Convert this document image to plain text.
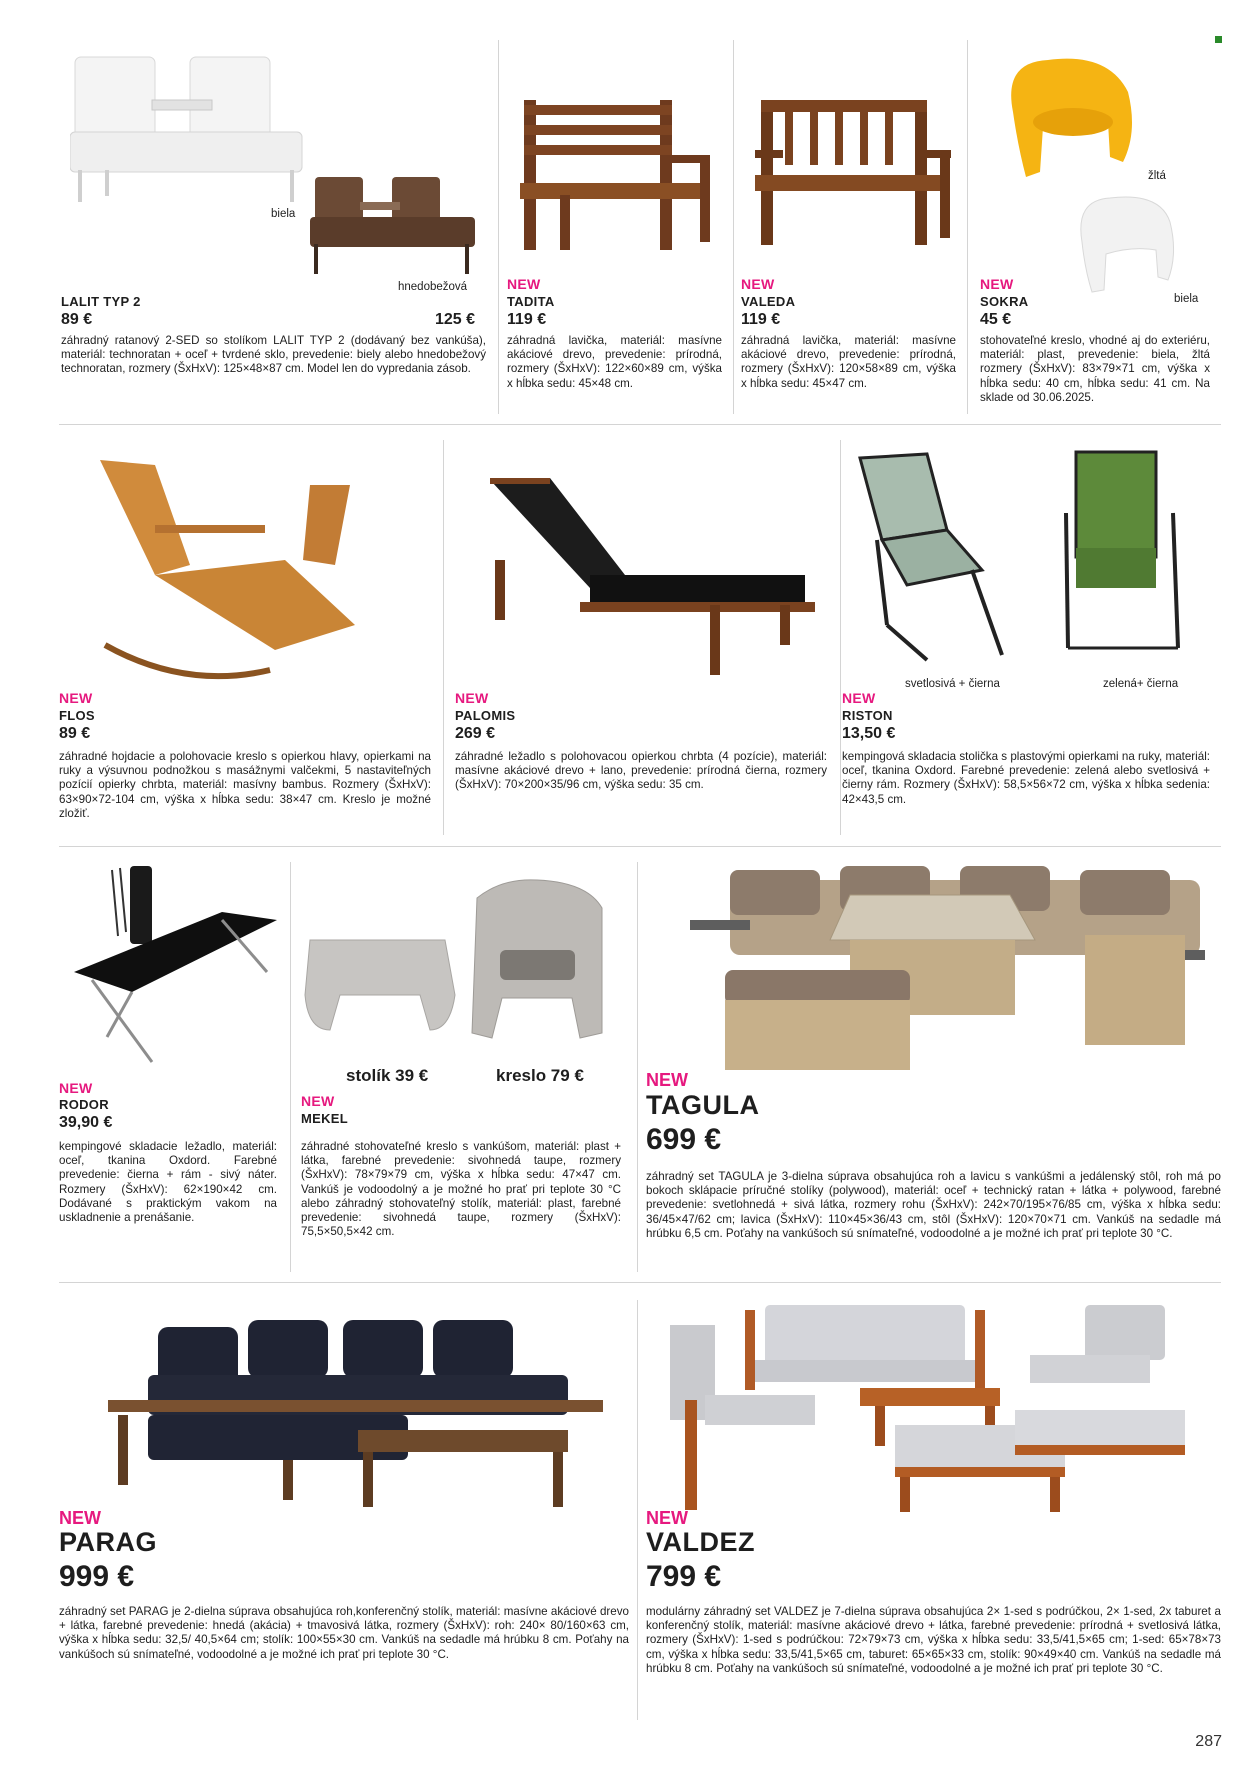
biela
hnedobežová
LALIT TYP 2
89 €	125 €
záhradný ratanový 2-SED so stolíkom LALIT TYP 2 (dodávaný bez vankúša), materiál: technoratan + oceľ + tvrdené sklo, prevedenie: biely alebo hnedobežový technoratan, rozmery (ŠxHxV): 125×48×87 cm. Model len do vypredania zásob.
NEW
TADITA
119 €
záhradná lavička, materiál: masívne akáciové drevo, prevedenie: prírodná, rozmery (ŠxHxV): 122×60×89 cm, výška x hĺbka sedu: 45×48 cm.
NEW
VALEDA
119 €
záhradná lavička, materiál: masívne akáciové drevo, prevedenie: prírodná, rozmery (ŠxHxV): 120×58×89 cm, výška x hĺbka sedu: 45×47 cm.
žltá
biela
NEW
SOKRA
45 €
stohovateľné kreslo, vhodné aj do exteriéru, materiál: plast, prevedenie: biela, žltá rozmery (ŠxHxV): 83×79×71 cm, výška x hĺbka sedu: 40 cm, hĺbka sedu: 41 cm. Na sklade od 30.06.2025.
NEW
FLOS
89 €
záhradné hojdacie a polohovacie kreslo s opierkou hlavy, opierkami na ruky a výsuvnou podnožkou s masážnymi valčekmi, 5 nastaviteľných pozícií opierky chrbta, materiál: masívny bambus. Rozmery (ŠxHxV): 63×90×72-104 cm, výška x hĺbka sedu: 38×47 cm. Kreslo je možné zložiť.
NEW
PALOMIS
269 €
záhradné ležadlo s polohovacou opierkou chrbta (4 pozície), materiál: masívne akáciové drevo + lano, prevedenie: prírodná čierna, rozmery (ŠxHxV): 70×200×35/96 cm, výška sedu: 35 cm.
svetlosivá + čierna	zelená+ čierna
NEW
RISTON
13,50 €
kempingová skladacia stolička s plastovými opierkami na ruky, materiál: oceľ, tkanina Oxdord. Farebné prevedenie: zelená alebo svetlosivá + čierny rám. Rozmery (ŠxHxV): 58,5×56×72 cm, výška x hĺbka sedenia: 42×43,5 cm.
NEW
RODOR
39,90 €
kempingové skladacie ležadlo, materiál: oceľ, tkanina Oxdord. Farebné prevedenie: čierna + rám - sivý náter. Rozmery (ŠxHxV): 62×190×42 cm. Dodávané s praktickým vakom na uskladnenie a prenášanie.
stolík 39 €	kreslo 79 €
NEW
MEKEL
záhradné stohovateľné kreslo s vankúšom, materiál: plast + látka, farebné prevedenie: sivohnedá taupe, rozmery (ŠxHxV): 78×79×79 cm, výška x hĺbka sedu: 47×47 cm. Vankúš je vodoodolný a je možné ho prať pri teplote 30 °C alebo záhradný stohovateľný stolík, materiál: plast, farebné prevedenie: sivohnedá taupe, rozmery (ŠxHxV): 75,5×50,5×42 cm.
NEW
TAGULA
699 €
záhradný set TAGULA je 3-dielna súprava obsahujúca roh a lavicu s vankúšmi a jedálenský stôl, roh má po bokoch sklápacie príručné stolíky (polywood), materiál: oceľ + technický ratan + látka + polywood, farebné prevedenie: svetlohnedá + sivá látka, rozmery rohu (ŠxHxV): 242×70/195×76/85 cm, výška x hĺbka sedu: 36/45×47/62 cm; lavica (ŠxHxV): 110×45×36/43 cm, stôl (ŠxHxV): 120×70×71 cm. Vankúš na sedadle má hrúbku 6,5 cm. Poťahy na vankúšoch sú snímateľné, vodoodolné a je možné ich prať pri teplote 30 °C.
NEW
PARAG
999 €
záhradný set PARAG je 2-dielna súprava obsahujúca roh,konferenčný stolík, materiál: masívne akáciové drevo + látka, farebné prevedenie: hnedá (akácia) + tmavosivá látka, rozmery (ŠxHxV): roh: 240× 80/160×63 cm, výška x hĺbka sedu: 32,5/ 40,5×64 cm; stolík: 100×55×30 cm. Vankúš na sedadle má hrúbku 8 cm. Poťahy na vankúšoch sú snímateľné, vodoodolné a je možné ich prať pri teplote 30 °C.
NEW
VALDEZ
799 €
modulárny záhradný set VALDEZ je 7-dielna súprava obsahujúca 2× 1-sed s podrúčkou, 2× 1-sed, 2x taburet a konferenčný stolík, materiál: masívne akáciové drevo + látka, farebné prevedenie: prírodná + svetlosivá látka, rozmery (ŠxHxV): 1-sed s podrúčkou: 72×79×73 cm, výška x hĺbka sedu: 33,5/41,5×65 cm; 1-sed: 65×78×73 cm, výška x hĺbka sedu: 33,5/41,5×65 cm, taburet: 65×65×33 cm, stolík: 90×49×40 cm. Vankúš na sedadle má hrúbku 8 cm. Poťahy na vankúšoch sú snímateľné, vodoodolné a je možné ich prať pri teplote 30 °C.
287
